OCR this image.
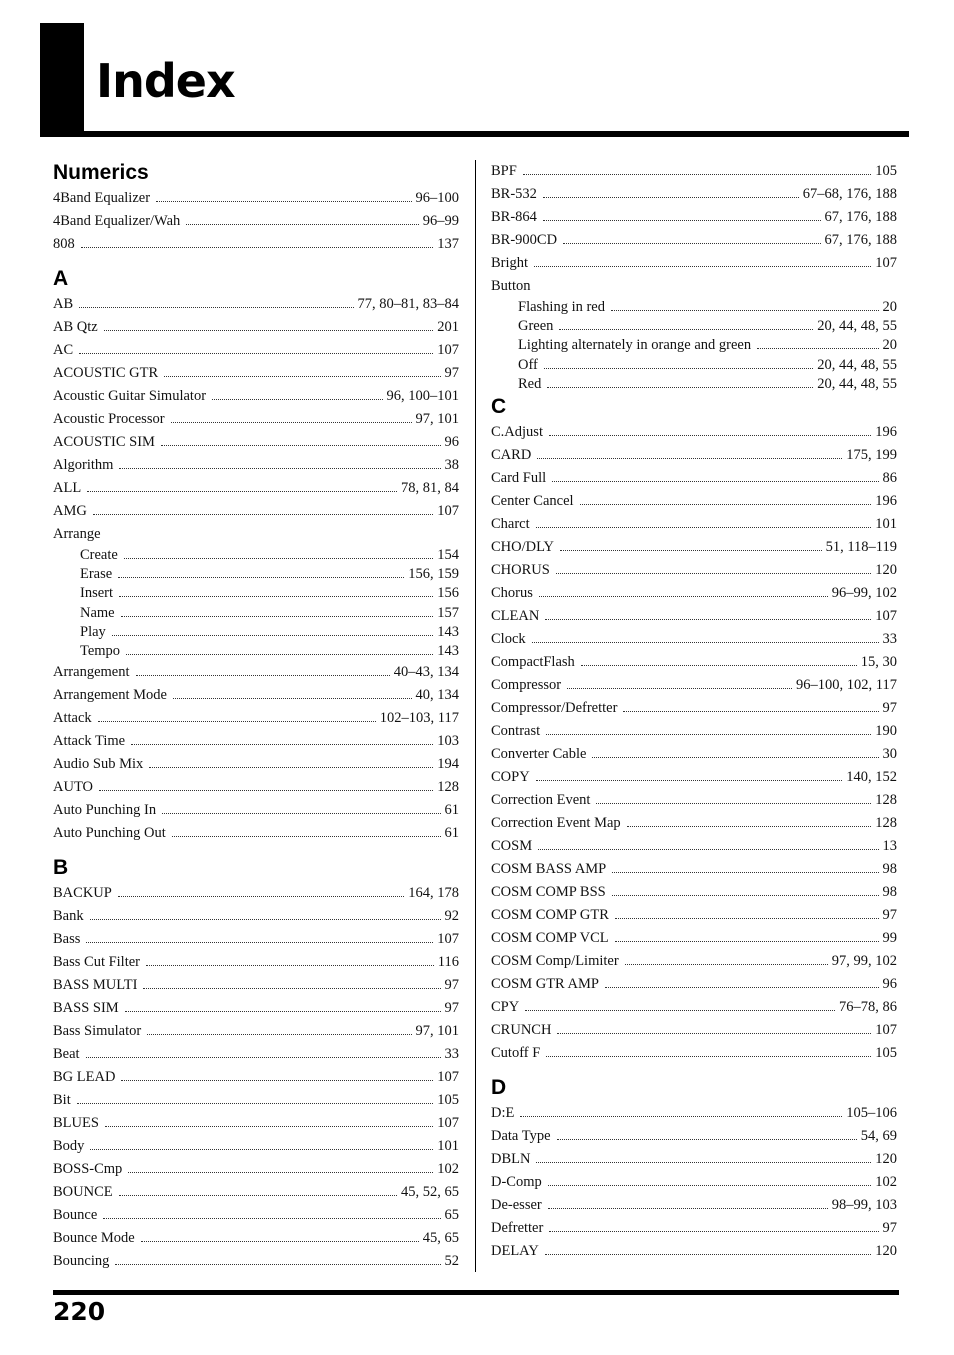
Index
Numerics
4Band Equalizer	96–100
4Band Equalizer/Wah	96–99
808	137
A
AB	77, 80–81, 83–84
AB Qtz	201
AC	107
ACOUSTIC GTR	97
Acoustic Guitar Simulator	96, 100–101
Acoustic Processor	97, 101
ACOUSTIC SIM	96
Algorithm	38
ALL	78, 81, 84
AMG	107
Arrange
Create	154
Erase	156, 159
Insert	156
Name	157
Play	143
Tempo	143
Arrangement	40–43, 134
Arrangement Mode	40, 134
Attack	102–103, 117
Attack Time	103
Audio Sub Mix	194
AUTO	128
Auto Punching In	61
Auto Punching Out	61
B
BACKUP	164, 178
Bank	92
Bass	107
Bass Cut Filter	116
BASS MULTI	97
BASS SIM	97
Bass Simulator	97, 101
Beat	33
BG LEAD	107
Bit	105
BLUES	107
Body	101
BOSS-Cmp	102
BOUNCE	45, 52, 65
Bounce	65
Bounce Mode	45, 65
Bouncing	52
BPF	105
BR-532	67–68, 176, 188
BR-864	67, 176, 188
BR-900CD	67, 176, 188
Bright	107
Button
Flashing in red	20
Green	20, 44, 48, 55
Lighting alternately in orange and green	20
Off	20, 44, 48, 55
Red	20, 44, 48, 55
C
C.Adjust	196
CARD	175, 199
Card Full	86
Center Cancel	196
Charct	101
CHO/DLY	51, 118–119
CHORUS	120
Chorus	96–99, 102
CLEAN	107
Clock	33
CompactFlash	15, 30
Compressor	96–100, 102, 117
Compressor/Defretter	97
Contrast	190
Converter Cable	30
COPY	140, 152
Correction Event	128
Correction Event Map	128
COSM	13
COSM BASS AMP	98
COSM COMP BSS	98
COSM COMP GTR	97
COSM COMP VCL	99
COSM Comp/Limiter	97, 99, 102
COSM GTR AMP	96
CPY	76–78, 86
CRUNCH	107
Cutoff F	105
D
D:E	105–106
Data Type	54, 69
DBLN	120
D-Comp	102
De-esser	98–99, 103
Defretter	97
DELAY	120
220
